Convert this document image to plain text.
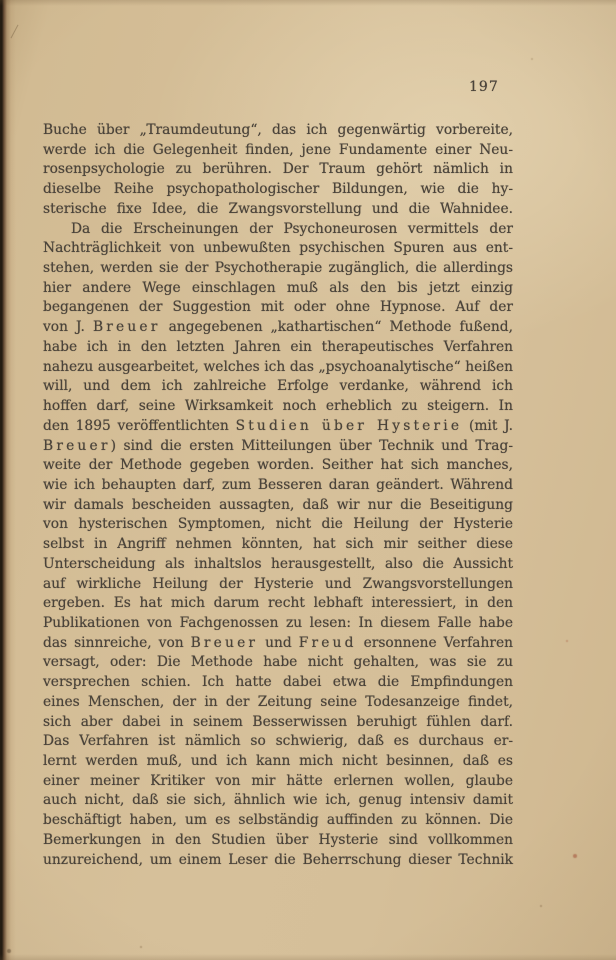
197
Buche über „Traumdeutung“, das ich gegenwärtig vorbereite,
werde ich die Gelegenheit finden, jene Fundamente einer Neu-
rosenpsychologie zu berühren. Der Traum gehört nämlich in
dieselbe Reihe psychopathologischer Bildungen, wie die hy-
sterische fixe Idee, die Zwangsvorstellung und die Wahnidee.
Da die Erscheinungen der Psychoneurosen vermittels der
Nachträglichkeit von unbewußten psychischen Spuren aus ent-
stehen, werden sie der Psychotherapie zugänglich, die allerdings
hier andere Wege einschlagen muß als den bis jetzt einzig
begangenen der Suggestion mit oder ohne Hypnose. Auf der
von J. Breuer angegebenen „kathartischen“ Methode fußend,
habe ich in den letzten Jahren ein therapeutisches Verfahren
nahezu ausgearbeitet, welches ich das „psychoanalytische“ heißen
will, und dem ich zahlreiche Erfolge verdanke, während ich
hoffen darf, seine Wirksamkeit noch erheblich zu steigern. In
den 1895 veröffentlichten Studien über Hysterie (mit J.
Breuer) sind die ersten Mitteilungen über Technik und Trag-
weite der Methode gegeben worden. Seither hat sich manches,
wie ich behaupten darf, zum Besseren daran geändert. Während
wir damals bescheiden aussagten, daß wir nur die Beseitigung
von hysterischen Symptomen, nicht die Heilung der Hysterie
selbst in Angriff nehmen könnten, hat sich mir seither diese
Unterscheidung als inhaltslos herausgestellt, also die Aussicht
auf wirkliche Heilung der Hysterie und Zwangsvorstellungen
ergeben. Es hat mich darum recht lebhaft interessiert, in den
Publikationen von Fachgenossen zu lesen: In diesem Falle habe
das sinnreiche, von Breuer und Freud ersonnene Verfahren
versagt, oder: Die Methode habe nicht gehalten, was sie zu
versprechen schien. Ich hatte dabei etwa die Empfindungen
eines Menschen, der in der Zeitung seine Todesanzeige findet,
sich aber dabei in seinem Besserwissen beruhigt fühlen darf.
Das Verfahren ist nämlich so schwierig, daß es durchaus er-
lernt werden muß, und ich kann mich nicht besinnen, daß es
einer meiner Kritiker von mir hätte erlernen wollen, glaube
auch nicht, daß sie sich, ähnlich wie ich, genug intensiv damit
beschäftigt haben, um es selbständig auffinden zu können. Die
Bemerkungen in den Studien über Hysterie sind vollkommen
unzureichend, um einem Leser die Beherrschung dieser Technik
